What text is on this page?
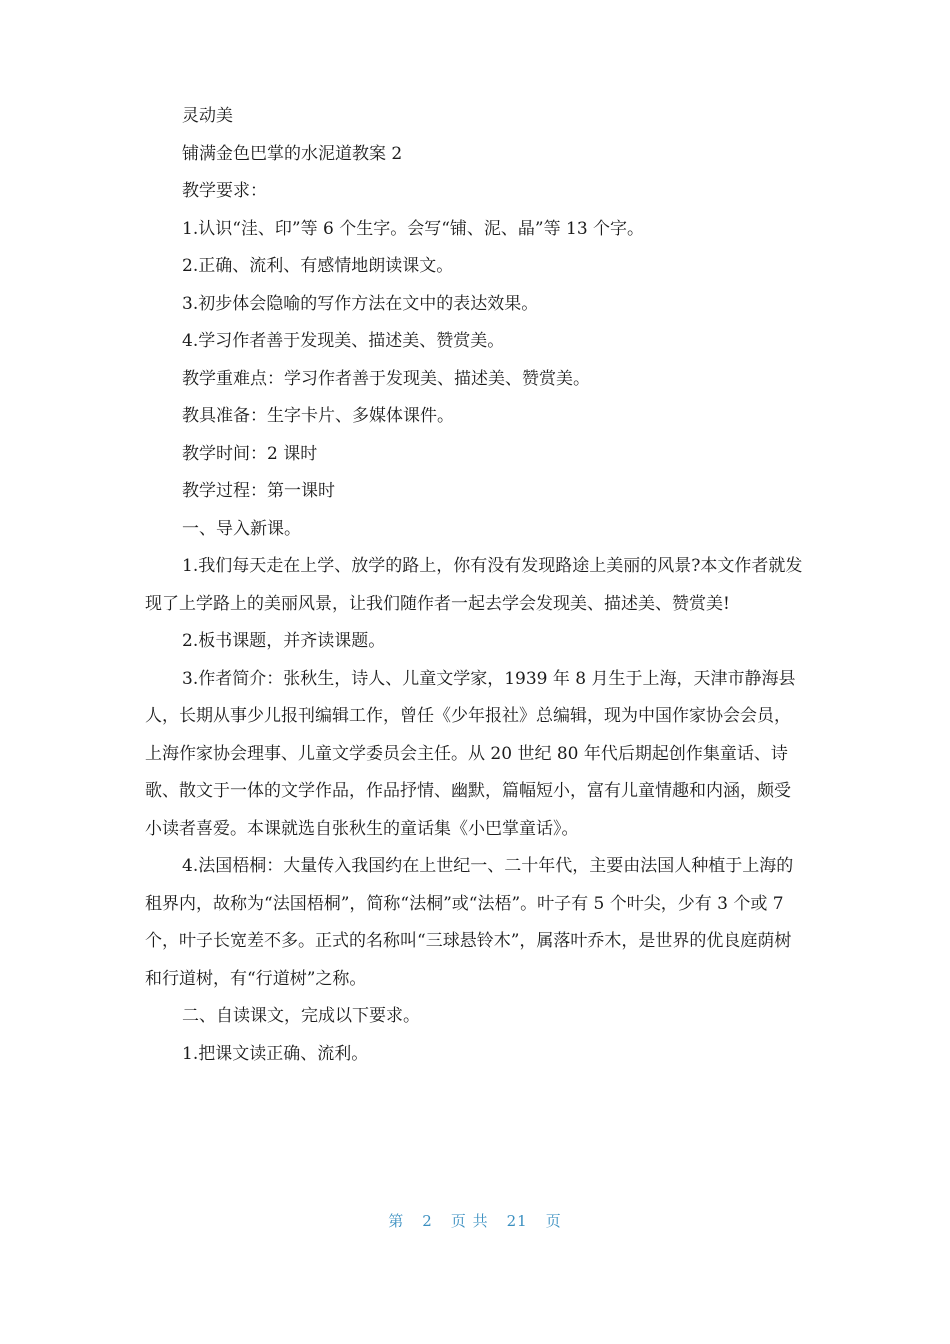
灵动美

铺满金色巴掌的水泥道教案 2

教学要求：

1.认识“洼、印”等 6 个生字。会写“铺、泥、晶”等 13 个字。

2.正确、流利、有感情地朗读课文。

3.初步体会隐喻的写作方法在文中的表达效果。

4.学习作者善于发现美、描述美、赞赏美。

教学重难点：学习作者善于发现美、描述美、赞赏美。

教具准备：生字卡片、多媒体课件。

教学时间：2 课时

教学过程：第一课时

一、导入新课。

1.我们每天走在上学、放学的路上，你有没有发现路途上美丽的风景?本文作者就发现了上学路上的美丽风景，让我们随作者一起去学会发现美、描述美、赞赏美!

2.板书课题，并齐读课题。

3.作者简介：张秋生，诗人、儿童文学家，1939 年 8 月生于上海，天津市静海县人，长期从事少儿报刊编辑工作，曾任《少年报社》总编辑，现为中国作家协会会员，上海作家协会理事、儿童文学委员会主任。从 20 世纪 80 年代后期起创作集童话、诗歌、散文于一体的文学作品，作品抒情、幽默，篇幅短小，富有儿童情趣和内涵，颇受小读者喜爱。本课就选自张秋生的童话集《小巴掌童话》。

4.法国梧桐：大量传入我国约在上世纪一、二十年代，主要由法国人种植于上海的租界内，故称为“法国梧桐”，简称“法桐”或“法梧”。叶子有 5 个叶尖，少有 3 个或 7 个，叶子长宽差不多。正式的名称叫“三球悬铃木”，属落叶乔木，是世界的优良庭荫树和行道树，有“行道树”之称。

二、自读课文，完成以下要求。

1.把课文读正确、流利。

第 2 页 共 21 页
